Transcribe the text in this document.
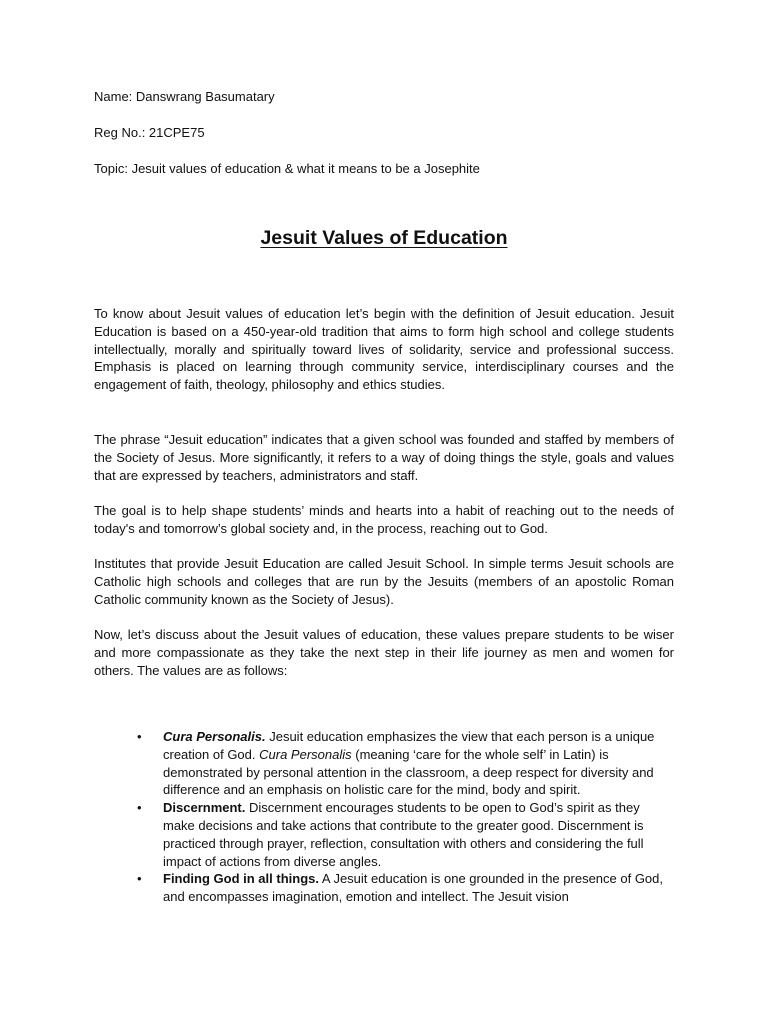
Name: Danswrang Basumatary
Reg No.: 21CPE75
Topic: Jesuit values of education & what it means to be a Josephite
Jesuit Values of Education

To know about Jesuit values of education let’s begin with the definition of Jesuit education. Jesuit Education is based on a 450-year-old tradition that aims to form high school and college students intellectually, morally and spiritually toward lives of solidarity, service and professional success. Emphasis is placed on learning through community service, interdisciplinary courses and the engagement of faith, theology, philosophy and ethics studies.

The phrase “Jesuit education” indicates that a given school was founded and staffed by members of the Society of Jesus. More significantly, it refers to a way of doing things the style, goals and values that are expressed by teachers, administrators and staff.

The goal is to help shape students’ minds and hearts into a habit of reaching out to the needs of today's and tomorrow’s global society and, in the process, reaching out to God.

Institutes that provide Jesuit Education are called Jesuit School. In simple terms Jesuit schools are Catholic high schools and colleges that are run by the Jesuits (members of an apostolic Roman Catholic community known as the Society of Jesus).

Now, let’s discuss about the Jesuit values of education, these values prepare students to be wiser and more compassionate as they take the next step in their life journey as men and women for others. The values are as follows:

• Cura Personalis. Jesuit education emphasizes the view that each person is a unique creation of God. Cura Personalis (meaning ‘care for the whole self’ in Latin) is demonstrated by personal attention in the classroom, a deep respect for diversity and difference and an emphasis on holistic care for the mind, body and spirit.

• Discernment. Discernment encourages students to be open to God’s spirit as they make decisions and take actions that contribute to the greater good. Discernment is practiced through prayer, reflection, consultation with others and considering the full impact of actions from diverse angles.

• Finding God in all things. A Jesuit education is one grounded in the presence of God, and encompasses imagination, emotion and intellect. The Jesuit vision
